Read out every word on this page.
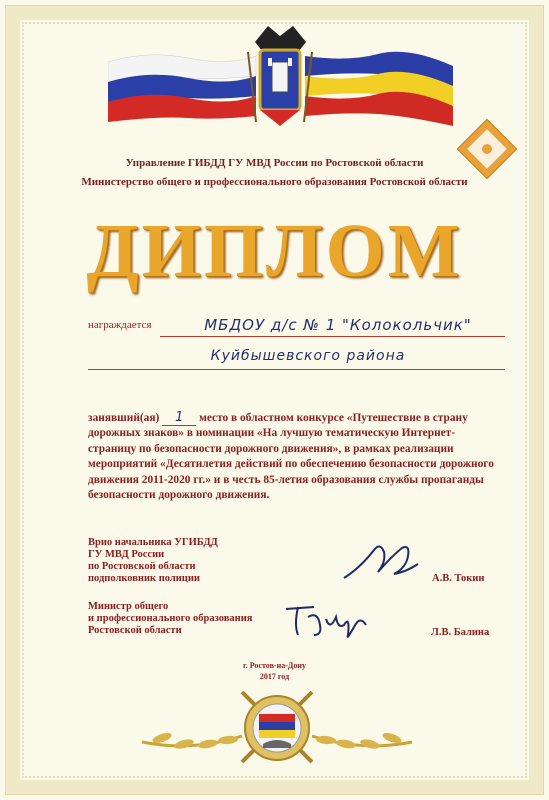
Управление ГИБДД ГУ МВД России по Ростовской области
Министерство общего и профессионального образования Ростовской области
ДИПЛОМ
награждается	МБДОУ д/с № 1 "Колокольчик"
Куйбышевского района
занявший(ая) 1 место в областном конкурсе «Путешествие в страну дорожных знаков» в номинации «На лучшую тематическую Интернет-страницу по безопасности дорожного движения», в рамках реализации мероприятий «Десятилетия действий по обеспечению безопасности дорожного движения 2011-2020 гг.» и в честь 85-летия образования службы пропаганды безопасности дорожного движения.
Врио начальника УГИБДД
ГУ МВД России
по Ростовской области
подполковник полиции	А.В. Токин
Министр общего
и профессионального образования
Ростовской области	Л.В. Балина
г. Ростов-на-Дону
2017 год
